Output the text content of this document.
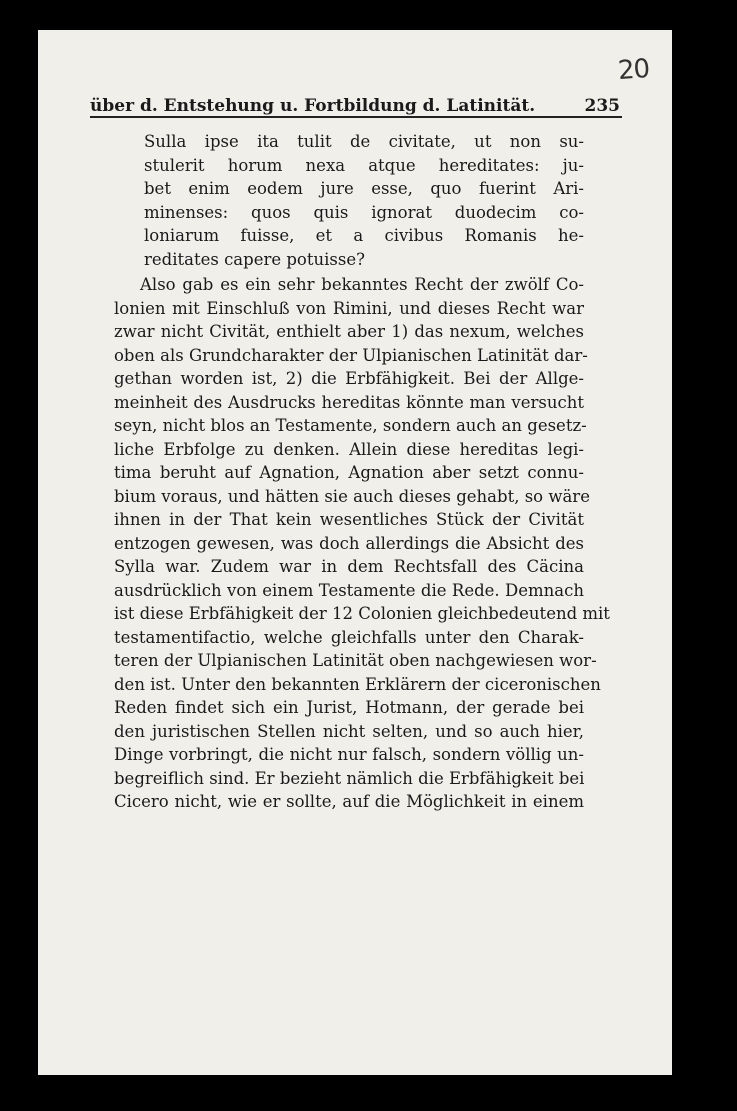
20
über d. Entstehung u. Fortbildung d. Latinität.	235
Sulla ipse ita tulit de civitate, ut non su-
stulerit horum nexa atque hereditates: ju-
bet enim eodem jure esse, quo fuerint Ari-
minenses: quos quis ignorat duodecim co-
loniarum fuisse, et a civibus Romanis he-
reditates capere potuisse?
Also gab es ein sehr bekanntes Recht der zwölf Co-
lonien mit Einschluß von Rimini, und dieses Recht war
zwar nicht Civität, enthielt aber 1) das nexum, welches
oben als Grundcharakter der Ulpianischen Latinität dar-
gethan worden ist, 2) die Erbfähigkeit. Bei der Allge-
meinheit des Ausdrucks hereditas könnte man versucht
seyn, nicht blos an Testamente, sondern auch an gesetz-
liche Erbfolge zu denken. Allein diese hereditas legi-
tima beruht auf Agnation, Agnation aber setzt connu-
bium voraus, und hätten sie auch dieses gehabt, so wäre
ihnen in der That kein wesentliches Stück der Civität
entzogen gewesen, was doch allerdings die Absicht des
Sylla war. Zudem war in dem Rechtsfall des Cäcina
ausdrücklich von einem Testamente die Rede. Demnach
ist diese Erbfähigkeit der 12 Colonien gleichbedeutend mit
testamentifactio, welche gleichfalls unter den Charak-
teren der Ulpianischen Latinität oben nachgewiesen wor-
den ist. Unter den bekannten Erklärern der ciceronischen
Reden findet sich ein Jurist, Hotmann, der gerade bei
den juristischen Stellen nicht selten, und so auch hier,
Dinge vorbringt, die nicht nur falsch, sondern völlig un-
begreiflich sind. Er bezieht nämlich die Erbfähigkeit bei
Cicero nicht, wie er sollte, auf die Möglichkeit in einem
